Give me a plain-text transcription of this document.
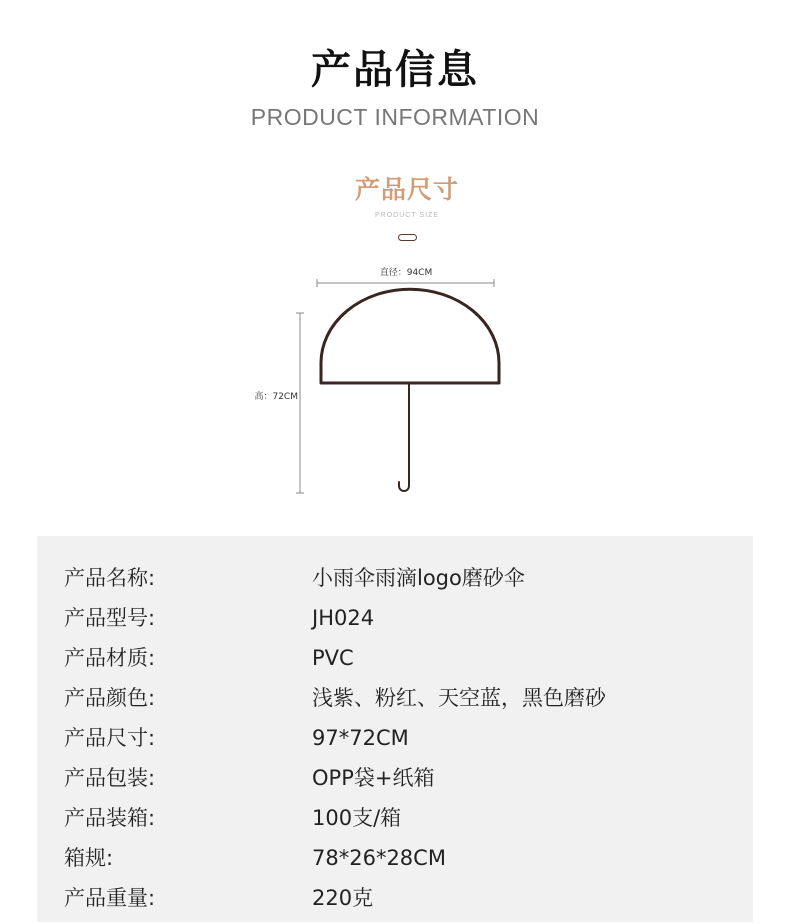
产品信息
PRODUCT INFORMATION
产品尺寸
PRODUCT SIZE
直径：94CM
高：72CM
产品名称:	小雨伞雨滴logo磨砂伞
产品型号:	JH024
产品材质:	PVC
产品颜色:	浅紫、粉红、天空蓝，黑色磨砂
产品尺寸:	97*72CM
产品包装:	OPP袋+纸箱
产品装箱:	100支/箱
箱规:	78*26*28CM
产品重量:	220克
